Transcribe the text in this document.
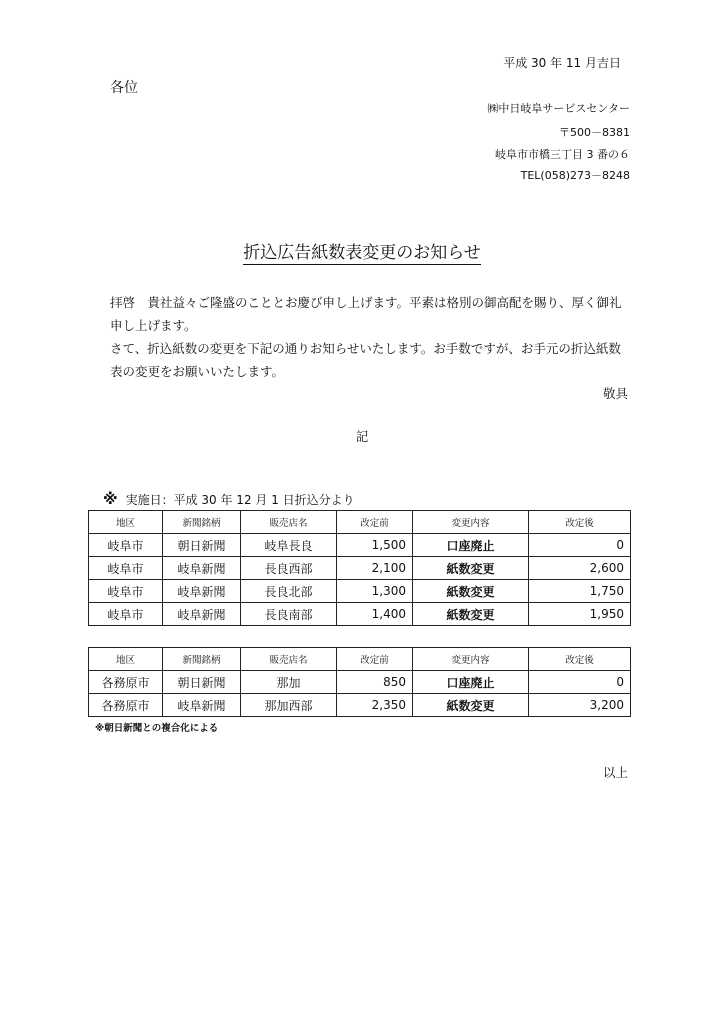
平成 30 年 11 月吉日
各位
㈱中日岐阜サービスセンター
〒500－8381
岐阜市市橋三丁目 3 番の６
TEL(058)273－8248
折込広告紙数表変更のお知らせ

拝啓　貴社益々ご隆盛のこととお慶び申し上げます。平素は格別の御高配を賜り、厚く御礼申し上げます。

さて、折込紙数の変更を下記の通りお知らせいたします。お手数ですが、お手元の折込紙数表の変更をお願いいたします。

敬具
記
※ 実施日：平成 30 年 12 月 1 日折込分より
地区	新聞銘柄	販売店名	改定前	変更内容	改定後
岐阜市	朝日新聞	岐阜長良	1,500	口座廃止	0
岐阜市	岐阜新聞	長良西部	2,100	紙数変更	2,600
岐阜市	岐阜新聞	長良北部	1,300	紙数変更	1,750
岐阜市	岐阜新聞	長良南部	1,400	紙数変更	1,950
地区	新聞銘柄	販売店名	改定前	変更内容	改定後
各務原市	朝日新聞	那加	850	口座廃止	0
各務原市	岐阜新聞	那加西部	2,350	紙数変更	3,200
※朝日新聞との複合化による
以上
